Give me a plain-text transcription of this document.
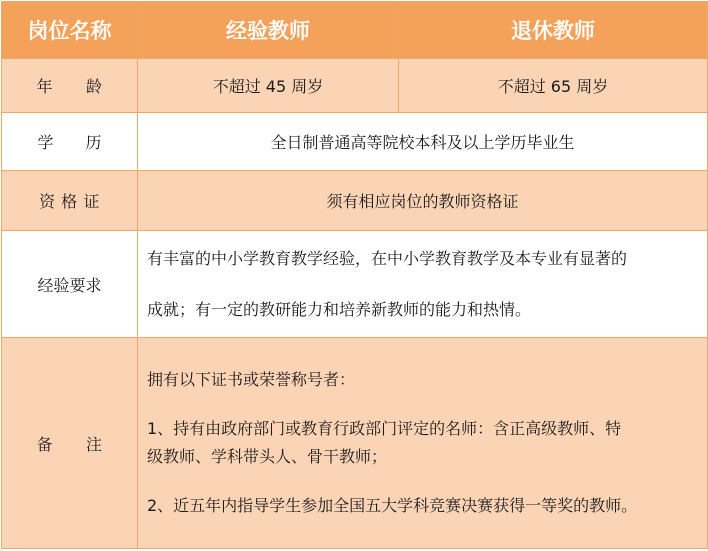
岗位名称	经验教师	退休教师
年　　龄	不超过 45 周岁	不超过 65 周岁
学　　历	全日制普通高等院校本科及以上学历毕业生	
资 格 证	须有相应岗位的教师资格证	
经验要求	有丰富的中小学教育教学经验，在中小学教育教学及本专业有显著的
成就；有一定的教研能力和培养新教师的能力和热情。	

备　　注	拥有以下证书或荣誉称号者：
1、持有由政府部门或教育行政部门评定的名师：含正高级教师、特
级教师、学科带头人、骨干教师；
2、近五年内指导学生参加全国五大学科竞赛决赛获得一等奖的教师。	
